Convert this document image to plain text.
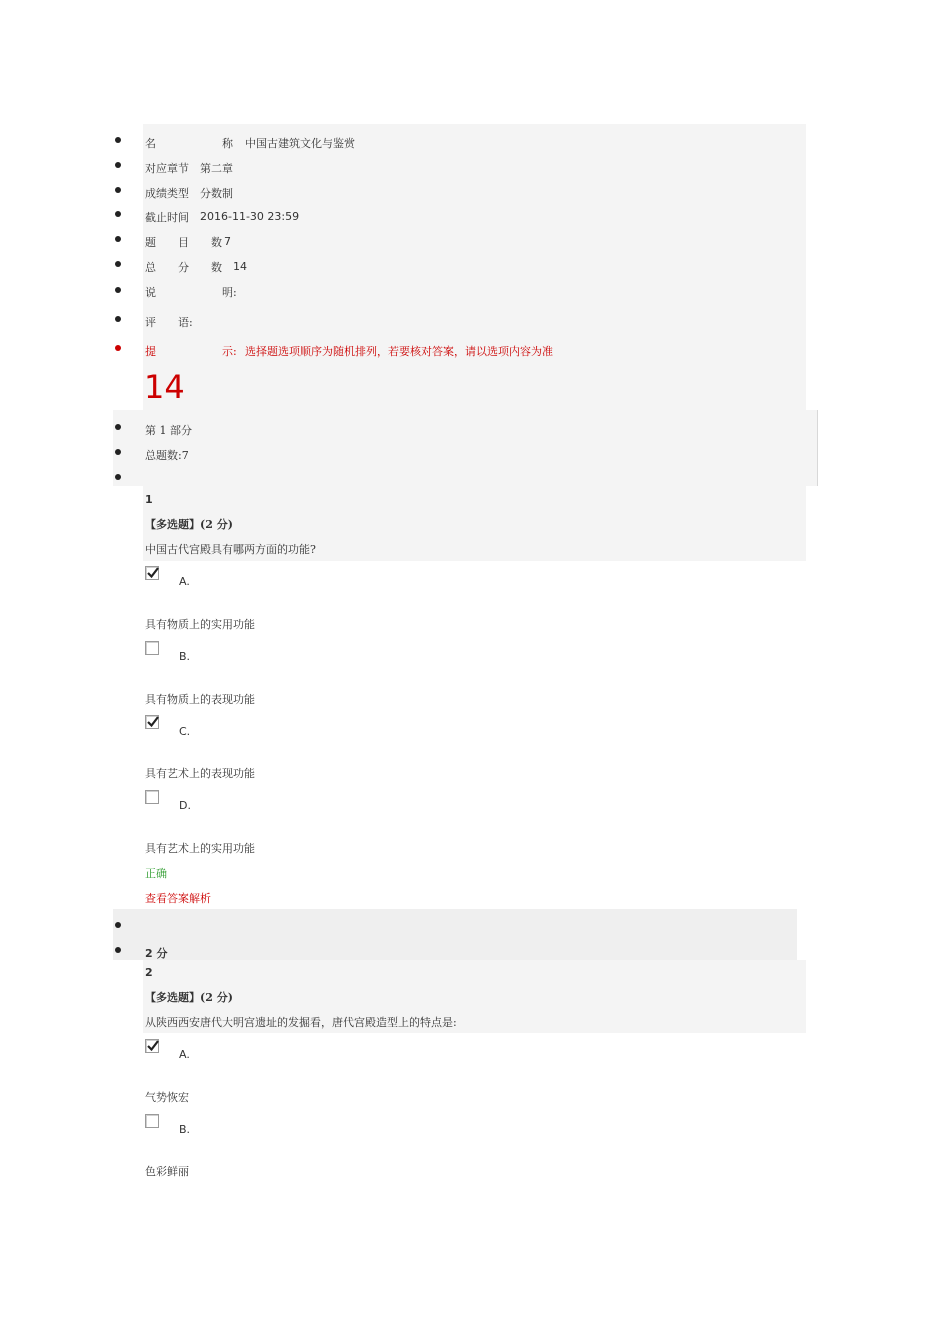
名	称 中国古建筑文化与鉴赏
对应章节 第二章
成绩类型 分数制
截止时间 2016-11-30 23:59
题 目 数 7
总 分 数 14
说	明:
评 语:
提	示: 选择题选项顺序为随机排列，若要核对答案，请以选项内容为准
14
第 1 部分
总题数:7
1
【多选题】(2 分)
中国古代宫殿具有哪两方面的功能?
A.
具有物质上的实用功能
B.
具有物质上的表现功能
C.
具有艺术上的表现功能
D.
具有艺术上的实用功能
正确
查看答案解析
2 分
2
【多选题】(2 分)
从陕西西安唐代大明宫遗址的发掘看，唐代宫殿造型上的特点是:
A.
气势恢宏
B.
色彩鲜丽
